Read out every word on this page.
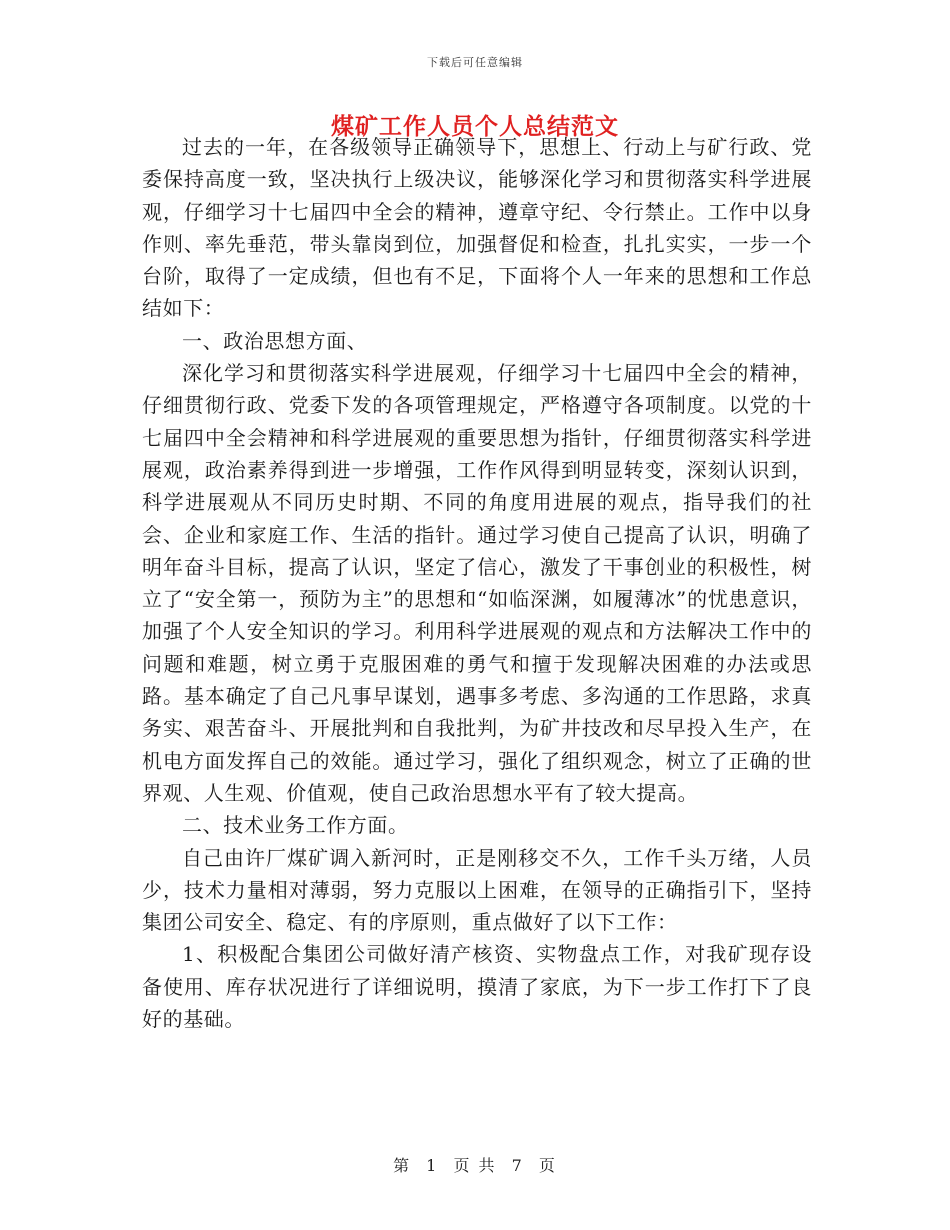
下载后可任意编辑
煤矿工作人员个人总结范文

过去的一年，在各级领导正确领导下，思想上、行动上与矿行政、党委保持高度一致，坚决执行上级决议，能够深化学习和贯彻落实科学进展观，仔细学习十七届四中全会的精神，遵章守纪、令行禁止。工作中以身作则、率先垂范，带头靠岗到位，加强督促和检查，扎扎实实，一步一个台阶，取得了一定成绩，但也有不足，下面将个人一年来的思想和工作总结如下：

一、政治思想方面、

深化学习和贯彻落实科学进展观，仔细学习十七届四中全会的精神，仔细贯彻行政、党委下发的各项管理规定，严格遵守各项制度。以党的十七届四中全会精神和科学进展观的重要思想为指针，仔细贯彻落实科学进展观，政治素养得到进一步增强，工作作风得到明显转变，深刻认识到，科学进展观从不同历史时期、不同的角度用进展的观点，指导我们的社会、企业和家庭工作、生活的指针。通过学习使自己提高了认识，明确了明年奋斗目标，提高了认识，坚定了信心，激发了干事创业的积极性，树立了“安全第一，预防为主”的思想和“如临深渊，如履薄冰”的忧患意识，加强了个人安全知识的学习。利用科学进展观的观点和方法解决工作中的问题和难题，树立勇于克服困难的勇气和擅于发现解决困难的办法或思路。基本确定了自己凡事早谋划，遇事多考虑、多沟通的工作思路，求真务实、艰苦奋斗、开展批判和自我批判，为矿井技改和尽早投入生产，在机电方面发挥自己的效能。通过学习，强化了组织观念，树立了正确的世界观、人生观、价值观，使自己政治思想水平有了较大提高。

二、技术业务工作方面。

自己由许厂煤矿调入新河时，正是刚移交不久，工作千头万绪，人员少，技术力量相对薄弱，努力克服以上困难，在领导的正确指引下，坚持集团公司安全、稳定、有的序原则，重点做好了以下工作：

1、积极配合集团公司做好清产核资、实物盘点工作，对我矿现存设备使用、库存状况进行了详细说明，摸清了家底，为下一步工作打下了良好的基础。

第 1 页 共 7 页
